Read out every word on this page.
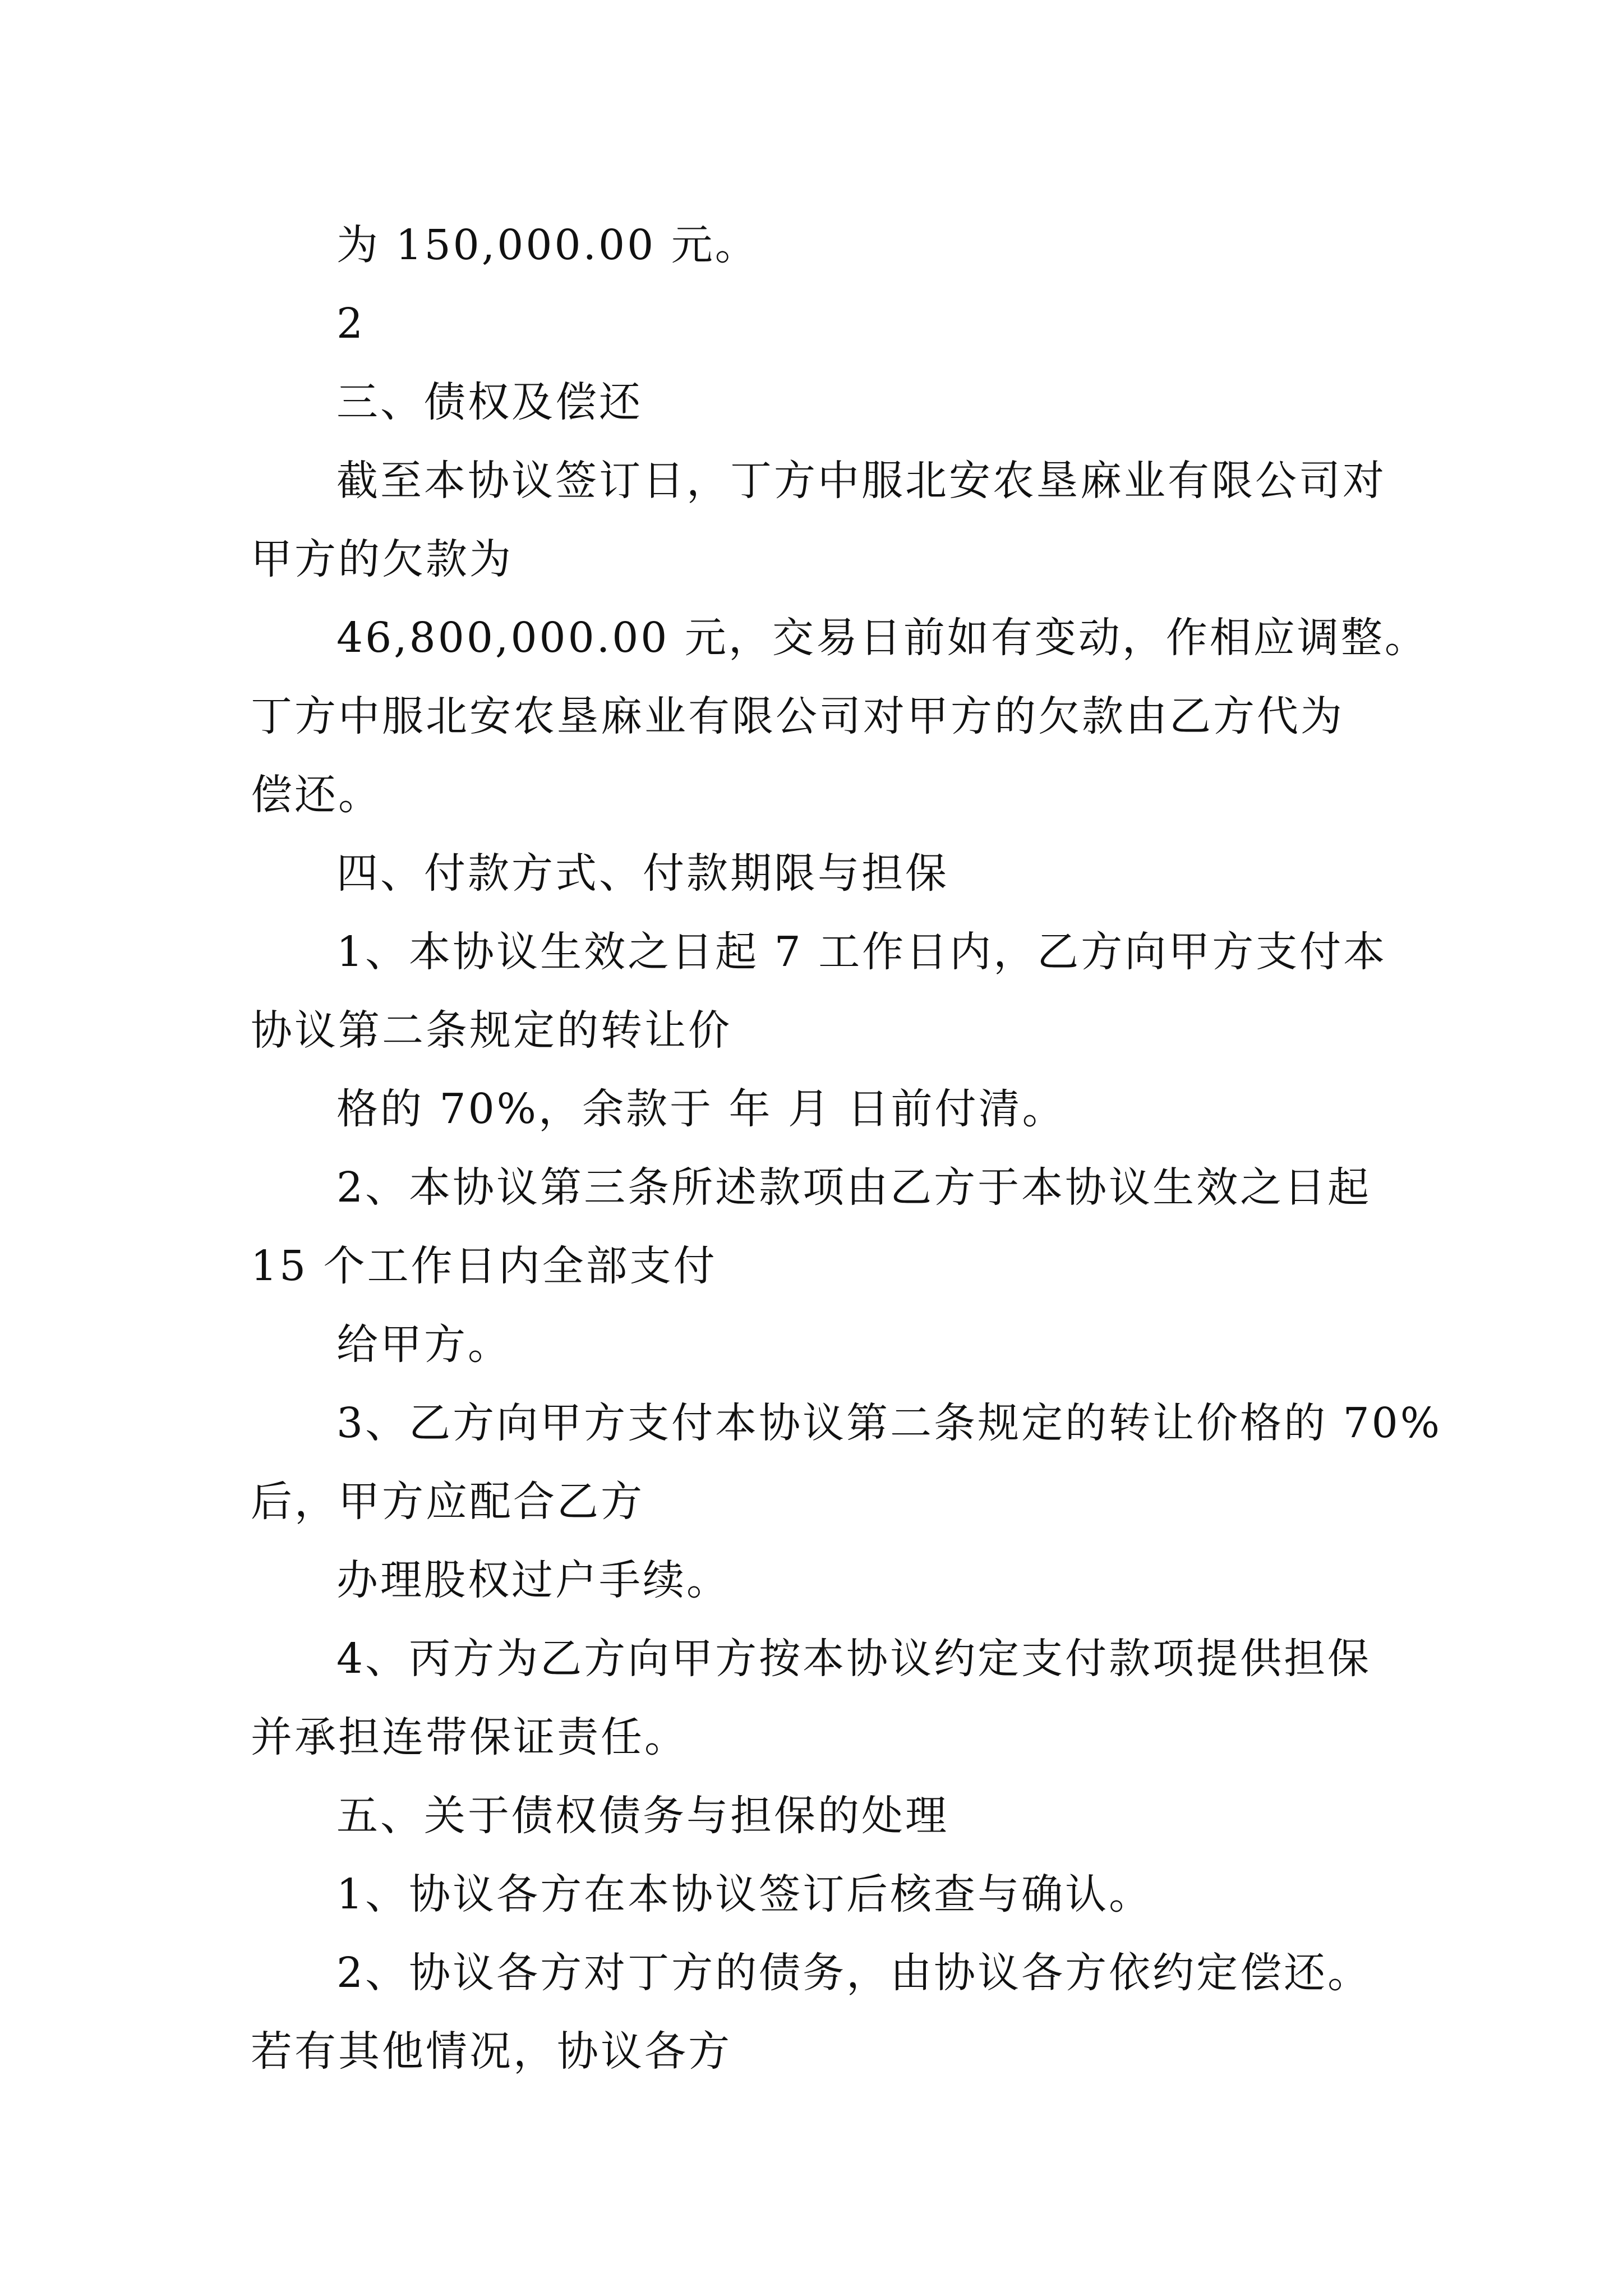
为 150,000.00 元。

2

三、债权及偿还

截至本协议签订日，丁方中服北安农垦麻业有限公司对

甲方的欠款为

46,800,000.00 元，交易日前如有变动，作相应调整。

丁方中服北安农垦麻业有限公司对甲方的欠款由乙方代为

偿还。

四、付款方式、付款期限与担保

1、本协议生效之日起 7 工作日内，乙方向甲方支付本

协议第二条规定的转让价

格的 70%，余款于 年 月 日前付清。

2、本协议第三条所述款项由乙方于本协议生效之日起

15 个工作日内全部支付

给甲方。

3、乙方向甲方支付本协议第二条规定的转让价格的 70%

后，甲方应配合乙方

办理股权过户手续。

4、丙方为乙方向甲方按本协议约定支付款项提供担保

并承担连带保证责任。

五、关于债权债务与担保的处理

1、协议各方在本协议签订后核查与确认。

2、协议各方对丁方的债务，由协议各方依约定偿还。

若有其他情况，协议各方
